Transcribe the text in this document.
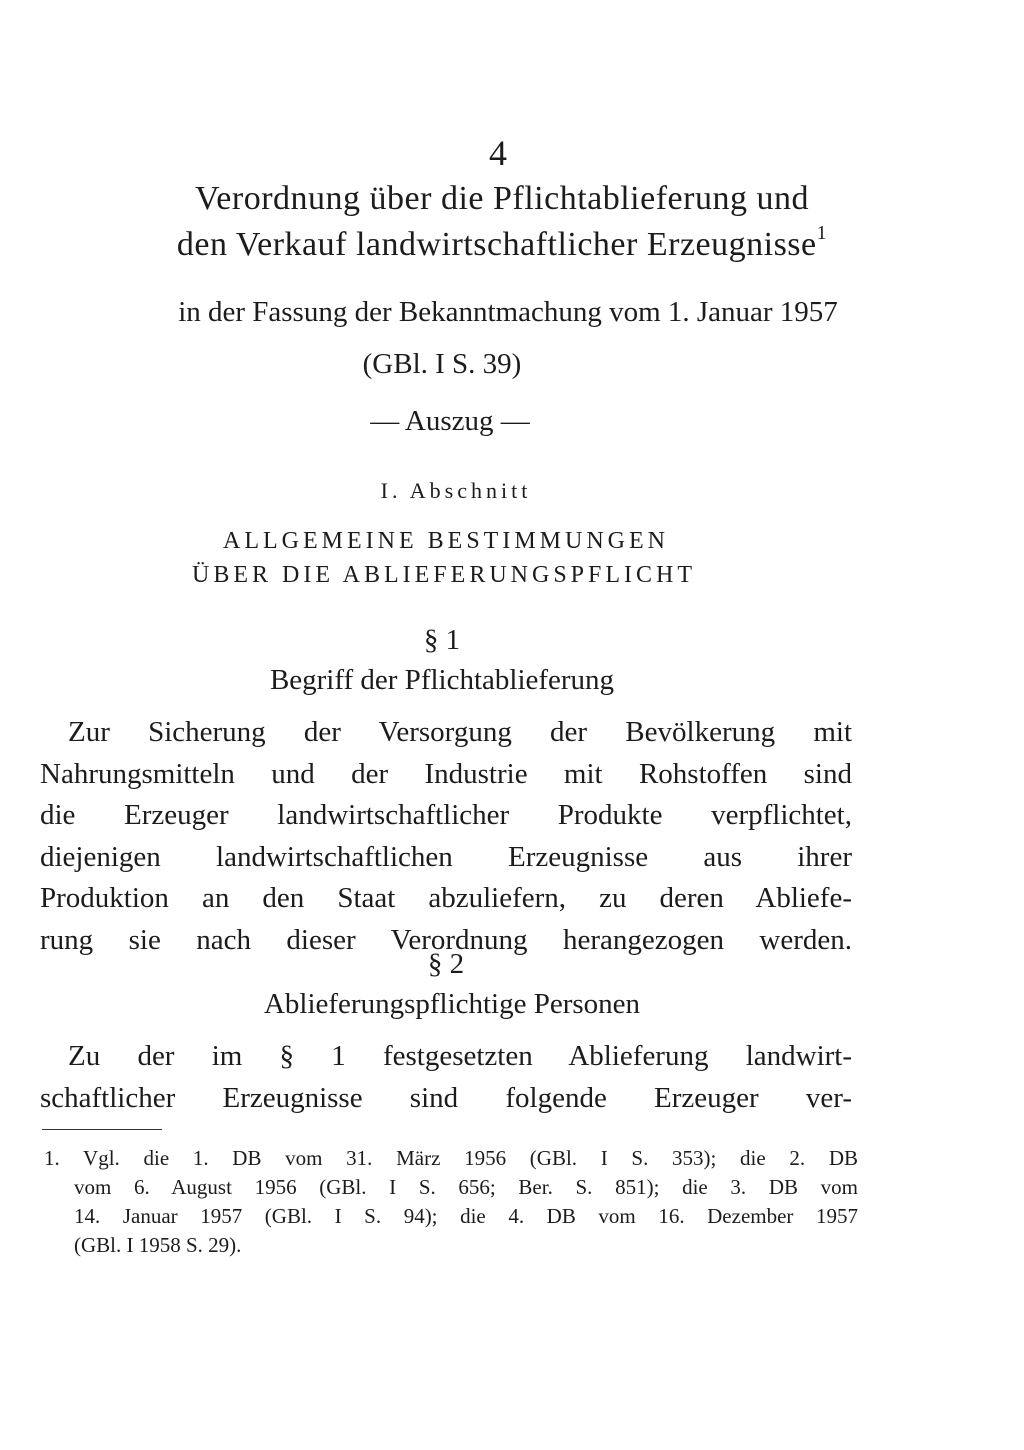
4
Verordnung über die Pflichtablieferung und
den Verkauf landwirtschaftlicher Erzeugnisse$^1$
in der Fassung der Bekanntmachung vom 1. Januar 1957
(GBl. I S. 39)
— Auszug —
I. Abschnitt
ALLGEMEINE BESTIMMUNGEN
ÜBER DIE ABLIEFERUNGSPFLICHT
§ 1
Begriff der Pflichtablieferung
Zur Sicherung der Versorgung der Bevölkerung mit
Nahrungsmitteln und der Industrie mit Rohstoffen sind
die Erzeuger landwirtschaftlicher Produkte verpflichtet,
diejenigen landwirtschaftlichen Erzeugnisse aus ihrer
Produktion an den Staat abzuliefern, zu deren Abliefe-
rung sie nach dieser Verordnung herangezogen werden.
§ 2
Ablieferungspflichtige Personen
Zu der im § 1 festgesetzten Ablieferung landwirt-
schaftlicher Erzeugnisse sind folgende Erzeuger ver-
1. Vgl. die 1. DB vom 31. März 1956 (GBl. I S. 353); die 2. DB
vom 6. August 1956 (GBl. I S. 656; Ber. S. 851); die 3. DB vom
14. Januar 1957 (GBl. I S. 94); die 4. DB vom 16. Dezember 1957
(GBl. I 1958 S. 29).
